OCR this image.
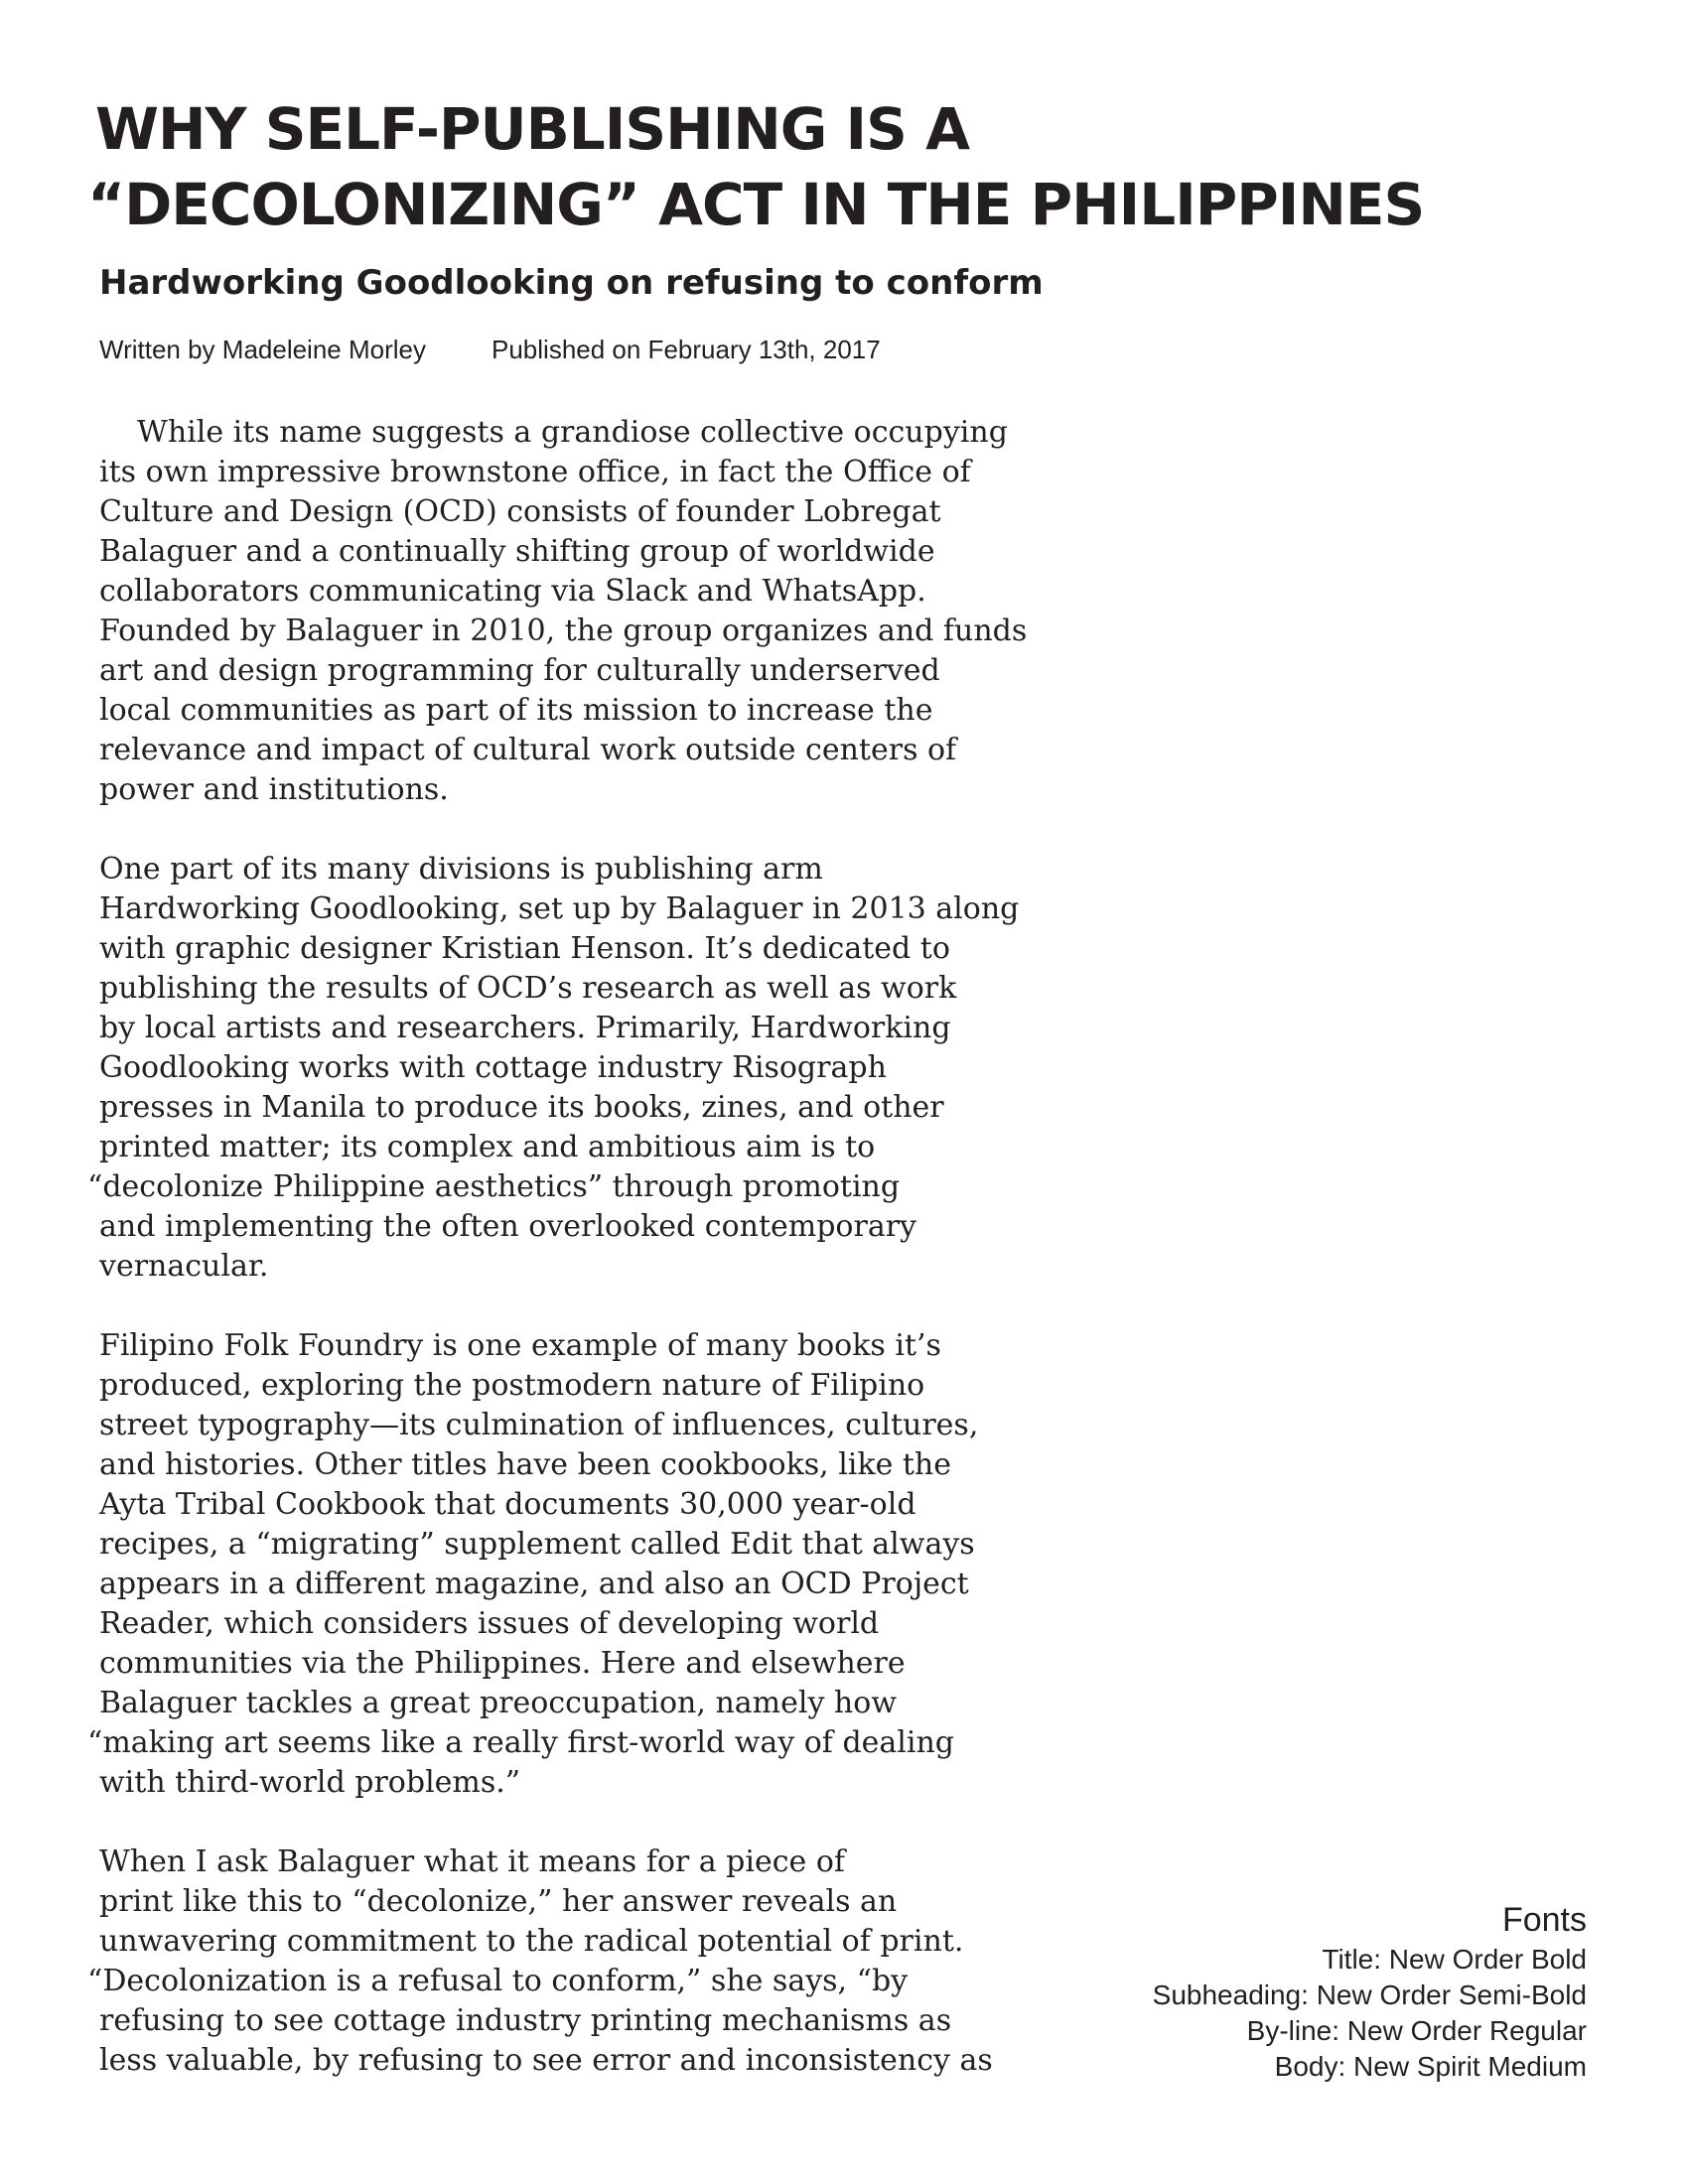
WHY SELF-PUBLISHING IS A
“DECOLONIZING” ACT IN THE PHILIPPINES
Hardworking Goodlooking on refusing to conform
Written by Madeleine Morley	Published on February 13th, 2017

While its name suggests a grandiose collective occupying
its own impressive brownstone office, in fact the Office of
Culture and Design (OCD) consists of founder Lobregat
Balaguer and a continually shifting group of worldwide
collaborators communicating via Slack and WhatsApp.
Founded by Balaguer in 2010, the group organizes and funds
art and design programming for culturally underserved
local communities as part of its mission to increase the
relevance and impact of cultural work outside centers of
power and institutions.

One part of its many divisions is publishing arm
Hardworking Goodlooking, set up by Balaguer in 2013 along
with graphic designer Kristian Henson. It’s dedicated to
publishing the results of OCD’s research as well as work
by local artists and researchers. Primarily, Hardworking
Goodlooking works with cottage industry Risograph
presses in Manila to produce its books, zines, and other
printed matter; its complex and ambitious aim is to
“decolonize Philippine aesthetics” through promoting
and implementing the often overlooked contemporary
vernacular.

Filipino Folk Foundry is one example of many books it’s
produced, exploring the postmodern nature of Filipino
street typography—its culmination of influences, cultures,
and histories. Other titles have been cookbooks, like the
Ayta Tribal Cookbook that documents 30,000 year-old
recipes, a “migrating” supplement called Edit that always
appears in a different magazine, and also an OCD Project
Reader, which considers issues of developing world
communities via the Philippines. Here and elsewhere
Balaguer tackles a great preoccupation, namely how
“making art seems like a really first-world way of dealing
with third-world problems.”

When I ask Balaguer what it means for a piece of
print like this to “decolonize,” her answer reveals an
unwavering commitment to the radical potential of print.
“Decolonization is a refusal to conform,” she says, “by
refusing to see cottage industry printing mechanisms as
less valuable, by refusing to see error and inconsistency as

Fonts
Title: New Order Bold
Subheading: New Order Semi-Bold
By-line: New Order Regular
Body: New Spirit Medium
